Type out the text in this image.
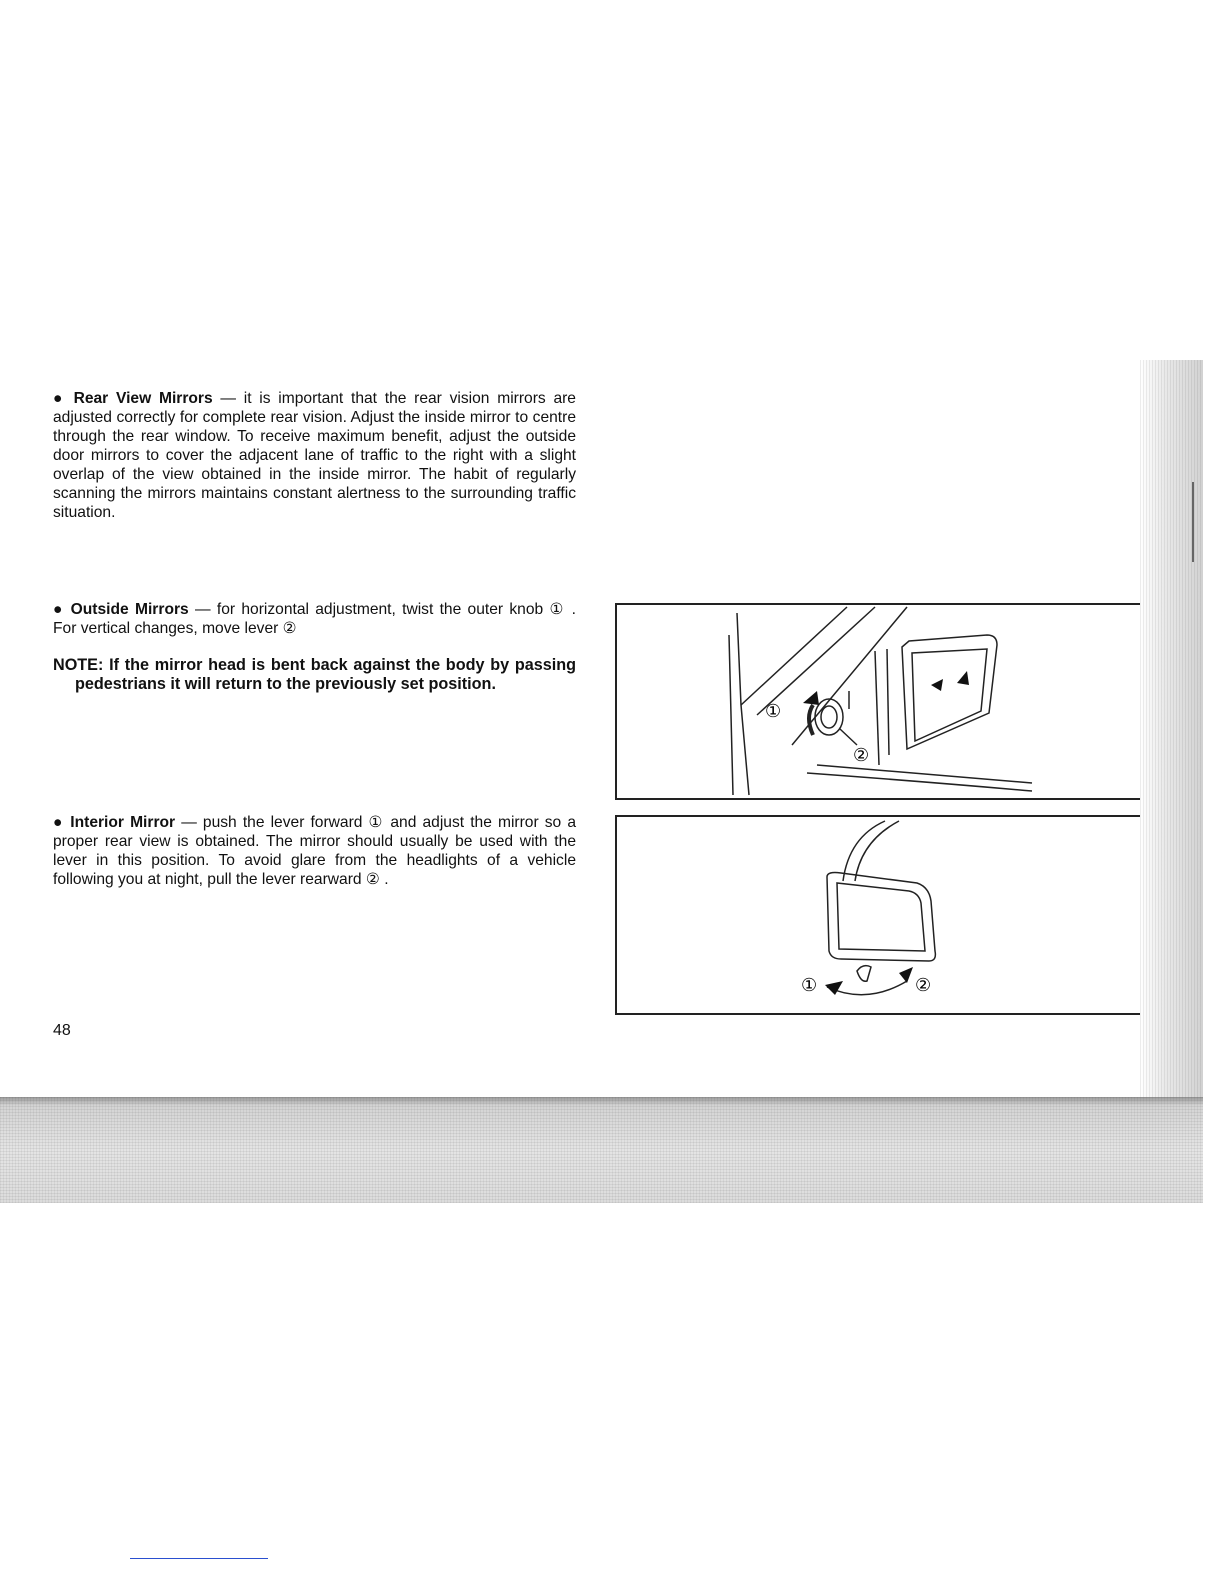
● Rear View Mirrors — it is important that the rear vision mirrors are adjusted correctly for complete rear vision. Adjust the inside mirror to centre through the rear window. To receive maximum benefit, adjust the outside door mirrors to cover the adjacent lane of traffic to the right with a slight overlap of the view obtained in the inside mirror. The habit of regularly scanning the mirrors maintains constant alertness to the surrounding traffic situation.

● Outside Mirrors — for horizontal adjustment, twist the outer knob ① . For vertical changes, move lever ②

NOTE: If the mirror head is bent back against the body by passing pedestrians it will return to the previously set position.

● Interior Mirror — push the lever forward ① and adjust the mirror so a proper rear view is obtained. The mirror should usually be used with the lever in this position. To avoid glare from the headlights of a vehicle following you at night, pull the lever rearward ② .

48

①
②
①	②
